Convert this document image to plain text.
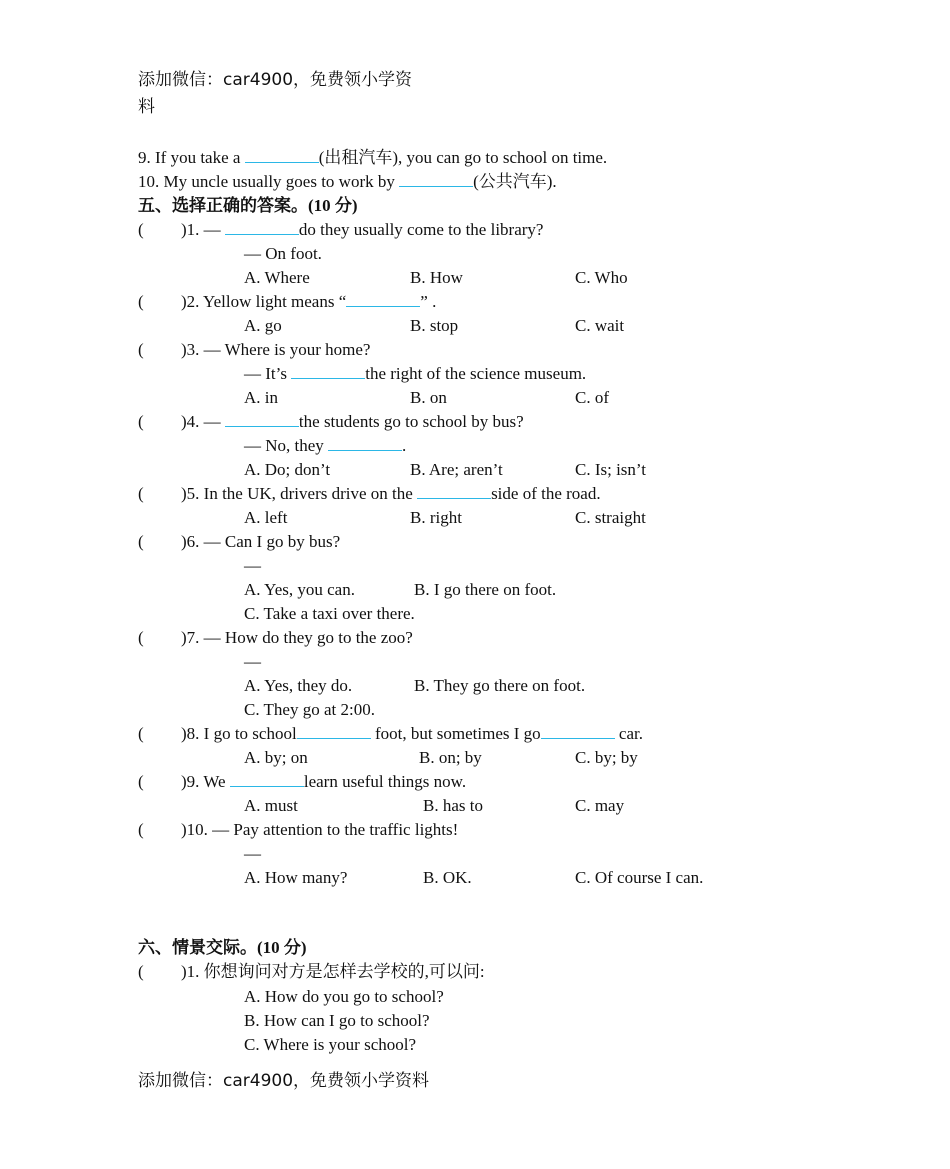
添加微信：car4900，免费领小学资
料
9. If you take a	(出租汽车), you can go to school on time.
10. My uncle usually goes to work by	(公共汽车).
五、选择正确的答案。(10 分)
( )1. —	do they usually come to the library?
— On foot.
A. Where	B. How	C. Who
( )2. Yellow light means “	” .
A. go	B. stop	C. wait
( )3. — Where is your home?
— It’s	the right of the science museum.
A. in	B. on	C. of
( )4. —	the students go to school by bus?
— No, they	.
A. Do; don’t	B. Are; aren’t	C. Is; isn’t
( )5. In the UK, drivers drive on the	side of the road.
A. left	B. right	C. straight
( )6. — Can I go by bus?
—
A. Yes, you can.	B. I go there on foot.
C. Take a taxi over there.
( )7. — How do they go to the zoo?
—
A. Yes, they do.	B. They go there on foot.
C. They go at 2:00.
( )8. I go to school	foot, but sometimes I go	car.
A. by; on	B. on; by	C. by; by
( )9. We	learn useful things now.
A. must	B. has to	C. may
( )10. — Pay attention to the traffic lights!
—
A. How many?	B. OK.	C. Of course I can.
六、情景交际。(10 分)
( )1. 你想询问对方是怎样去学校的,可以问:
A. How do you go to school?
B. How can I go to school?
C. Where is your school?
添加微信：car4900，免费领小学资料
